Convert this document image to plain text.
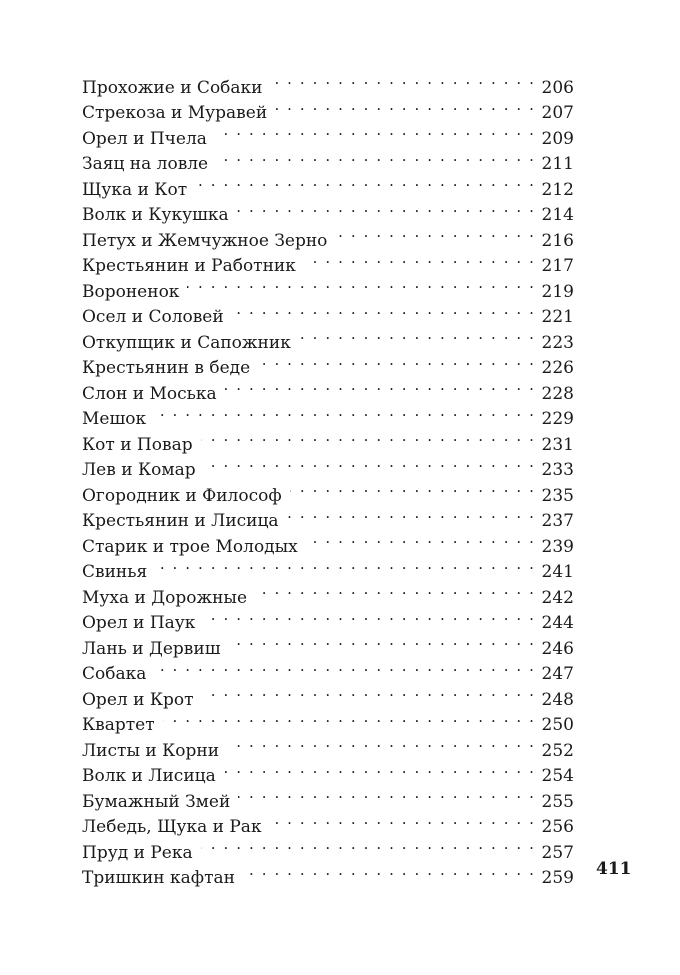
Прохожие и Собаки . . .	206
Стрекоза и Муравей . . .	207
Орел и Пчела . . .	209
Заяц на ловле . . .	211
Щука и Кот . . .	212
Волк и Кукушка . . .	214
Петух и Жемчужное Зерно . . .	216
Крестьянин и Работник . . .	217
Вороненок . . .	219
Осел и Соловей . . .	221
Откупщик и Сапожник . . .	223
Крестьянин в беде . . .	226
Слон и Моська . . .	228
Мешок . . .	229
Кот и Повар . . .	231
Лев и Комар . . .	233
Огородник и Философ . . .	235
Крестьянин и Лисица . . .	237
Старик и трое Молодых . . .	239
Свинья . . .	241
Муха и Дорожные . . .	242
Орел и Паук . . .	244
Лань и Дервиш . . .	246
Собака . . .	247
Орел и Крот . . .	248
Квартет . . .	250
Листы и Корни . . .	252
Волк и Лисица . . .	254
Бумажный Змей . . .	255
Лебедь, Щука и Рак . . .	256
Пруд и Река . . .	257
Тришкин кафтан . . .	259 411
